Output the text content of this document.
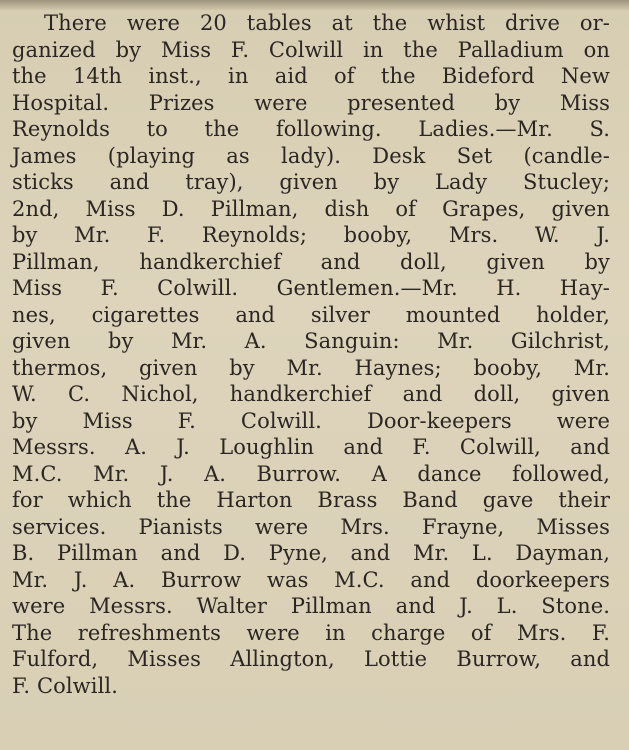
There were 20 tables at the whist drive or-
ganized by Miss F. Colwill in the Palladium on
the 14th inst., in aid of the Bideford New
Hospital. Prizes were presented by Miss
Reynolds to the following. Ladies.—Mr. S.
James (playing as lady). Desk Set (candle-
sticks and tray), given by Lady Stucley;
2nd, Miss D. Pillman, dish of Grapes, given
by Mr. F. Reynolds; booby, Mrs. W. J.
Pillman, handkerchief and doll, given by
Miss F. Colwill. Gentlemen.—Mr. H. Hay-
nes, cigarettes and silver mounted holder,
given by Mr. A. Sanguin: Mr. Gilchrist,
thermos, given by Mr. Haynes; booby, Mr.
W. C. Nichol, handkerchief and doll, given
by Miss F. Colwill. Door-keepers were
Messrs. A. J. Loughlin and F. Colwill, and
M.C. Mr. J. A. Burrow. A dance followed,
for which the Harton Brass Band gave their
services. Pianists were Mrs. Frayne, Misses
B. Pillman and D. Pyne, and Mr. L. Dayman,
Mr. J. A. Burrow was M.C. and doorkeepers
were Messrs. Walter Pillman and J. L. Stone.
The refreshments were in charge of Mrs. F.
Fulford, Misses Allington, Lottie Burrow, and
F. Colwill.
